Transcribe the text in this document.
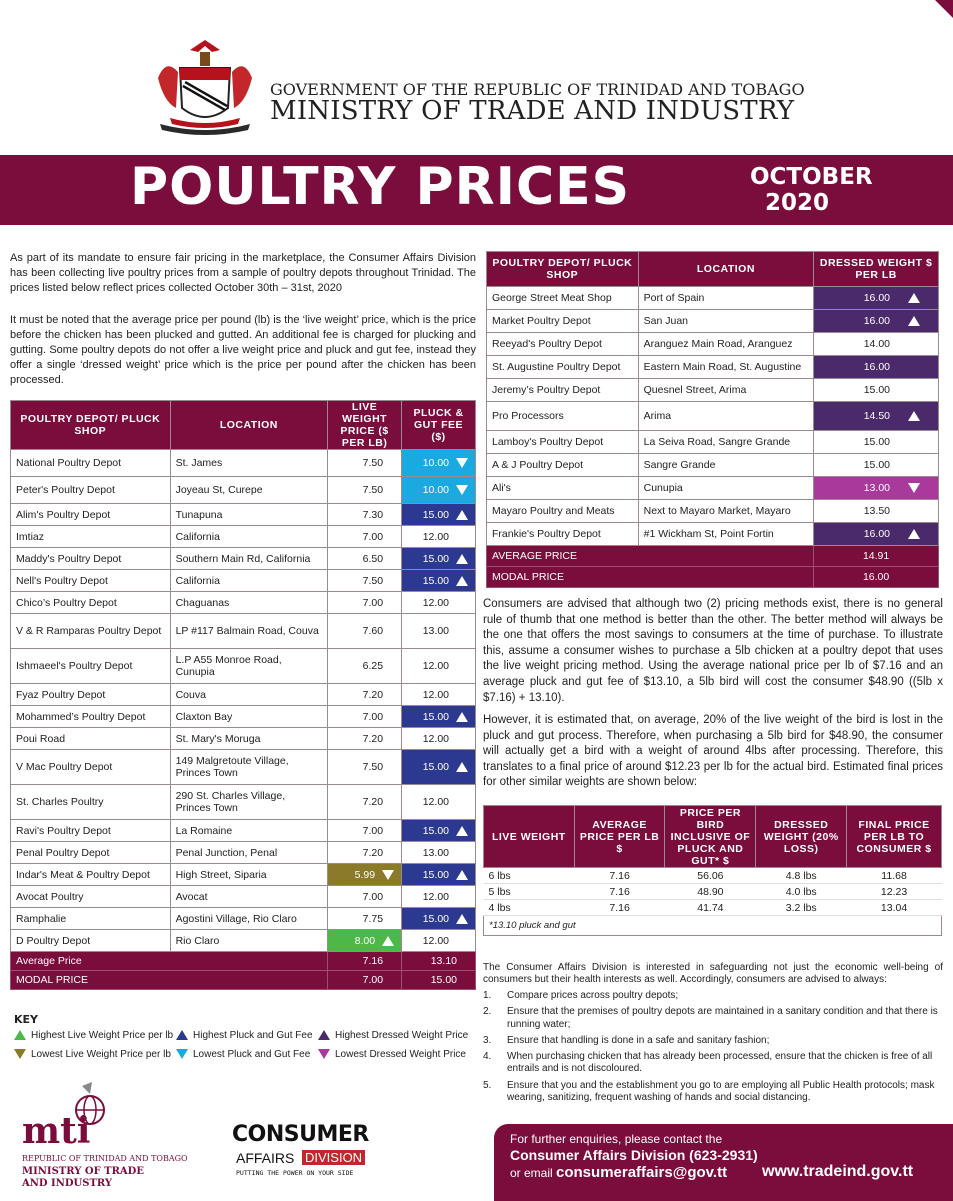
GOVERNMENT OF THE REPUBLIC OF TRINIDAD AND TOBAGO
MINISTRY OF TRADE AND INDUSTRY
POULTRY PRICES	OCTOBER
2020

As part of its mandate to ensure fair pricing in the marketplace, the Consumer Affairs Division has been collecting live poultry prices from a sample of poultry depots throughout Trinidad. The prices listed below reflect prices collected October 30th – 31st, 2020

It must be noted that the average price per pound (lb) is the ‘live weight’ price, which is the price before the chicken has been plucked and gutted. An additional fee is charged for plucking and gutting. Some poultry depots do not offer a live weight price and pluck and gut fee, instead they offer a single ‘dressed weight’ price which is the price per pound after the chicken has been processed.

POULTRY DEPOT/ PLUCK SHOP	LOCATION	LIVE WEIGHT PRICE ($ PER LB)	PLUCK & GUT FEE ($)
National Poultry Depot	St. James	7.50	10.00

Peter's Poultry Depot	Joyeau St, Curepe	7.50	10.00

Alim's Poultry Depot	Tunapuna	7.30	15.00

Imtiaz	California	7.00	12.00
Maddy's Poultry Depot	Southern Main Rd, California	6.50	15.00

Nell's Poultry Depot	California	7.50	15.00

Chico’s Poultry Depot	Chaguanas	7.00	12.00
V & R Ramparas Poultry Depot	LP #117 Balmain Road, Couva	7.60	13.00
Ishmaeel's Poultry Depot	L.P A55 Monroe Road, Cunupia	6.25	12.00
Fyaz Poultry Depot	Couva	7.20	12.00
Mohammed’s Poultry Depot	Claxton Bay	7.00	15.00

Poui Road	St. Mary's Moruga	7.20	12.00
V Mac Poultry Depot	149 Malgretoute Village, Princes Town	7.50	15.00

St. Charles Poultry	290 St. Charles Village, Princes Town	7.20	12.00
Ravi's Poultry Depot	La Romaine	7.00	15.00

Penal Poultry Depot	Penal Junction, Penal	7.20	13.00
Indar's Meat & Poultry Depot	High Street, Siparia	5.99	15.00

Avocat Poultry	Avocat	7.00	12.00
Ramphalie	Agostini Village, Rio Claro	7.75	15.00

D Poultry Depot	Rio Claro	8.00	12.00
Average Price		7.16	13.10
MODAL PRICE		7.00	15.00
POULTRY DEPOT/ PLUCK SHOP	LOCATION	DRESSED WEIGHT $ PER LB
George Street Meat Shop	Port of Spain	16.00

Market Poultry Depot	San Juan	16.00

Reeyad's Poultry Depot	Aranguez Main Road, Aranguez	14.00
St. Augustine Poultry Depot	Eastern Main Road, St. Augustine	16.00
Jeremy’s Poultry Depot	Quesnel Street, Arima	15.00
Pro Processors	Arima	14.50

Lamboy's Poultry Depot	La Seiva Road, Sangre Grande	15.00
A & J Poultry Depot	Sangre Grande	15.00
Ali's	Cunupia	13.00

Mayaro Poultry and Meats	Next to Mayaro Market, Mayaro	13.50
Frankie's Poultry Depot	#1 Wickham St, Point Fortin	16.00

AVERAGE PRICE		14.91
MODAL PRICE		16.00

Consumers are advised that although two (2) pricing methods exist, there is no general rule of thumb that one method is better than the other. The better method will always be the one that offers the most savings to consumers at the time of purchase. To illustrate this, assume a consumer wishes to purchase a 5lb chicken at a poultry depot that uses the live weight pricing method. Using the average national price per lb of $7.16 and an average pluck and gut fee of $13.10, a 5lb bird will cost the consumer $48.90 ((5lb x $7.16) + 13.10).

However, it is estimated that, on average, 20% of the live weight of the bird is lost in the pluck and gut process. Therefore, when purchasing a 5lb bird for $48.90, the consumer will actually get a bird with a weight of around 4lbs after processing. Therefore, this translates to a final price of around $12.23 per lb for the actual bird. Estimated final prices for other similar weights are shown below:

LIVE WEIGHT	AVERAGE PRICE PER LB $	PRICE PER BIRD INCLUSIVE OF PLUCK AND GUT* $	DRESSED WEIGHT (20% LOSS)	FINAL PRICE PER LB TO CONSUMER $
6 lbs	7.16	56.06	4.8 lbs	11.68
5 lbs	7.16	48.90	4.0 lbs	12.23
4 lbs	7.16	41.74	3.2 lbs	13.04
*13.10 pluck and gut				

The Consumer Affairs Division is interested in safeguarding not just the economic well-being of consumers but their health interests as well. Accordingly, consumers are advised to always:

1. Compare prices across poultry depots;
2. Ensure that the premises of poultry depots are maintained in a sanitary condition and that there is running water;
3. Ensure that handling is done in a safe and sanitary fashion;
4. When purchasing chicken that has already been processed, ensure that the chicken is free of all entrails and is not discoloured.
5. Ensure that you and the establishment you go to are employing all Public Health protocols; mask wearing, sanitizing, frequent washing of hands and social distancing.
KEY
Highest Live Weight Price per lb	Highest Pluck and Gut Fee	Highest Dressed Weight Price
Lowest Live Weight Price per lb	Lowest Pluck and Gut Fee	Lowest Dressed Weight Price
mti
REPUBLIC OF TRINIDAD AND TOBAGO
MINISTRY OF TRADE
AND INDUSTRY
CONSUMER
AFFAIRS DIVISION
PUTTING THE POWER ON YOUR SIDE
For further enquiries, please contact the
Consumer Affairs Division (623-2931)
or email consumeraffairs@gov.tt www.tradeind.gov.tt
